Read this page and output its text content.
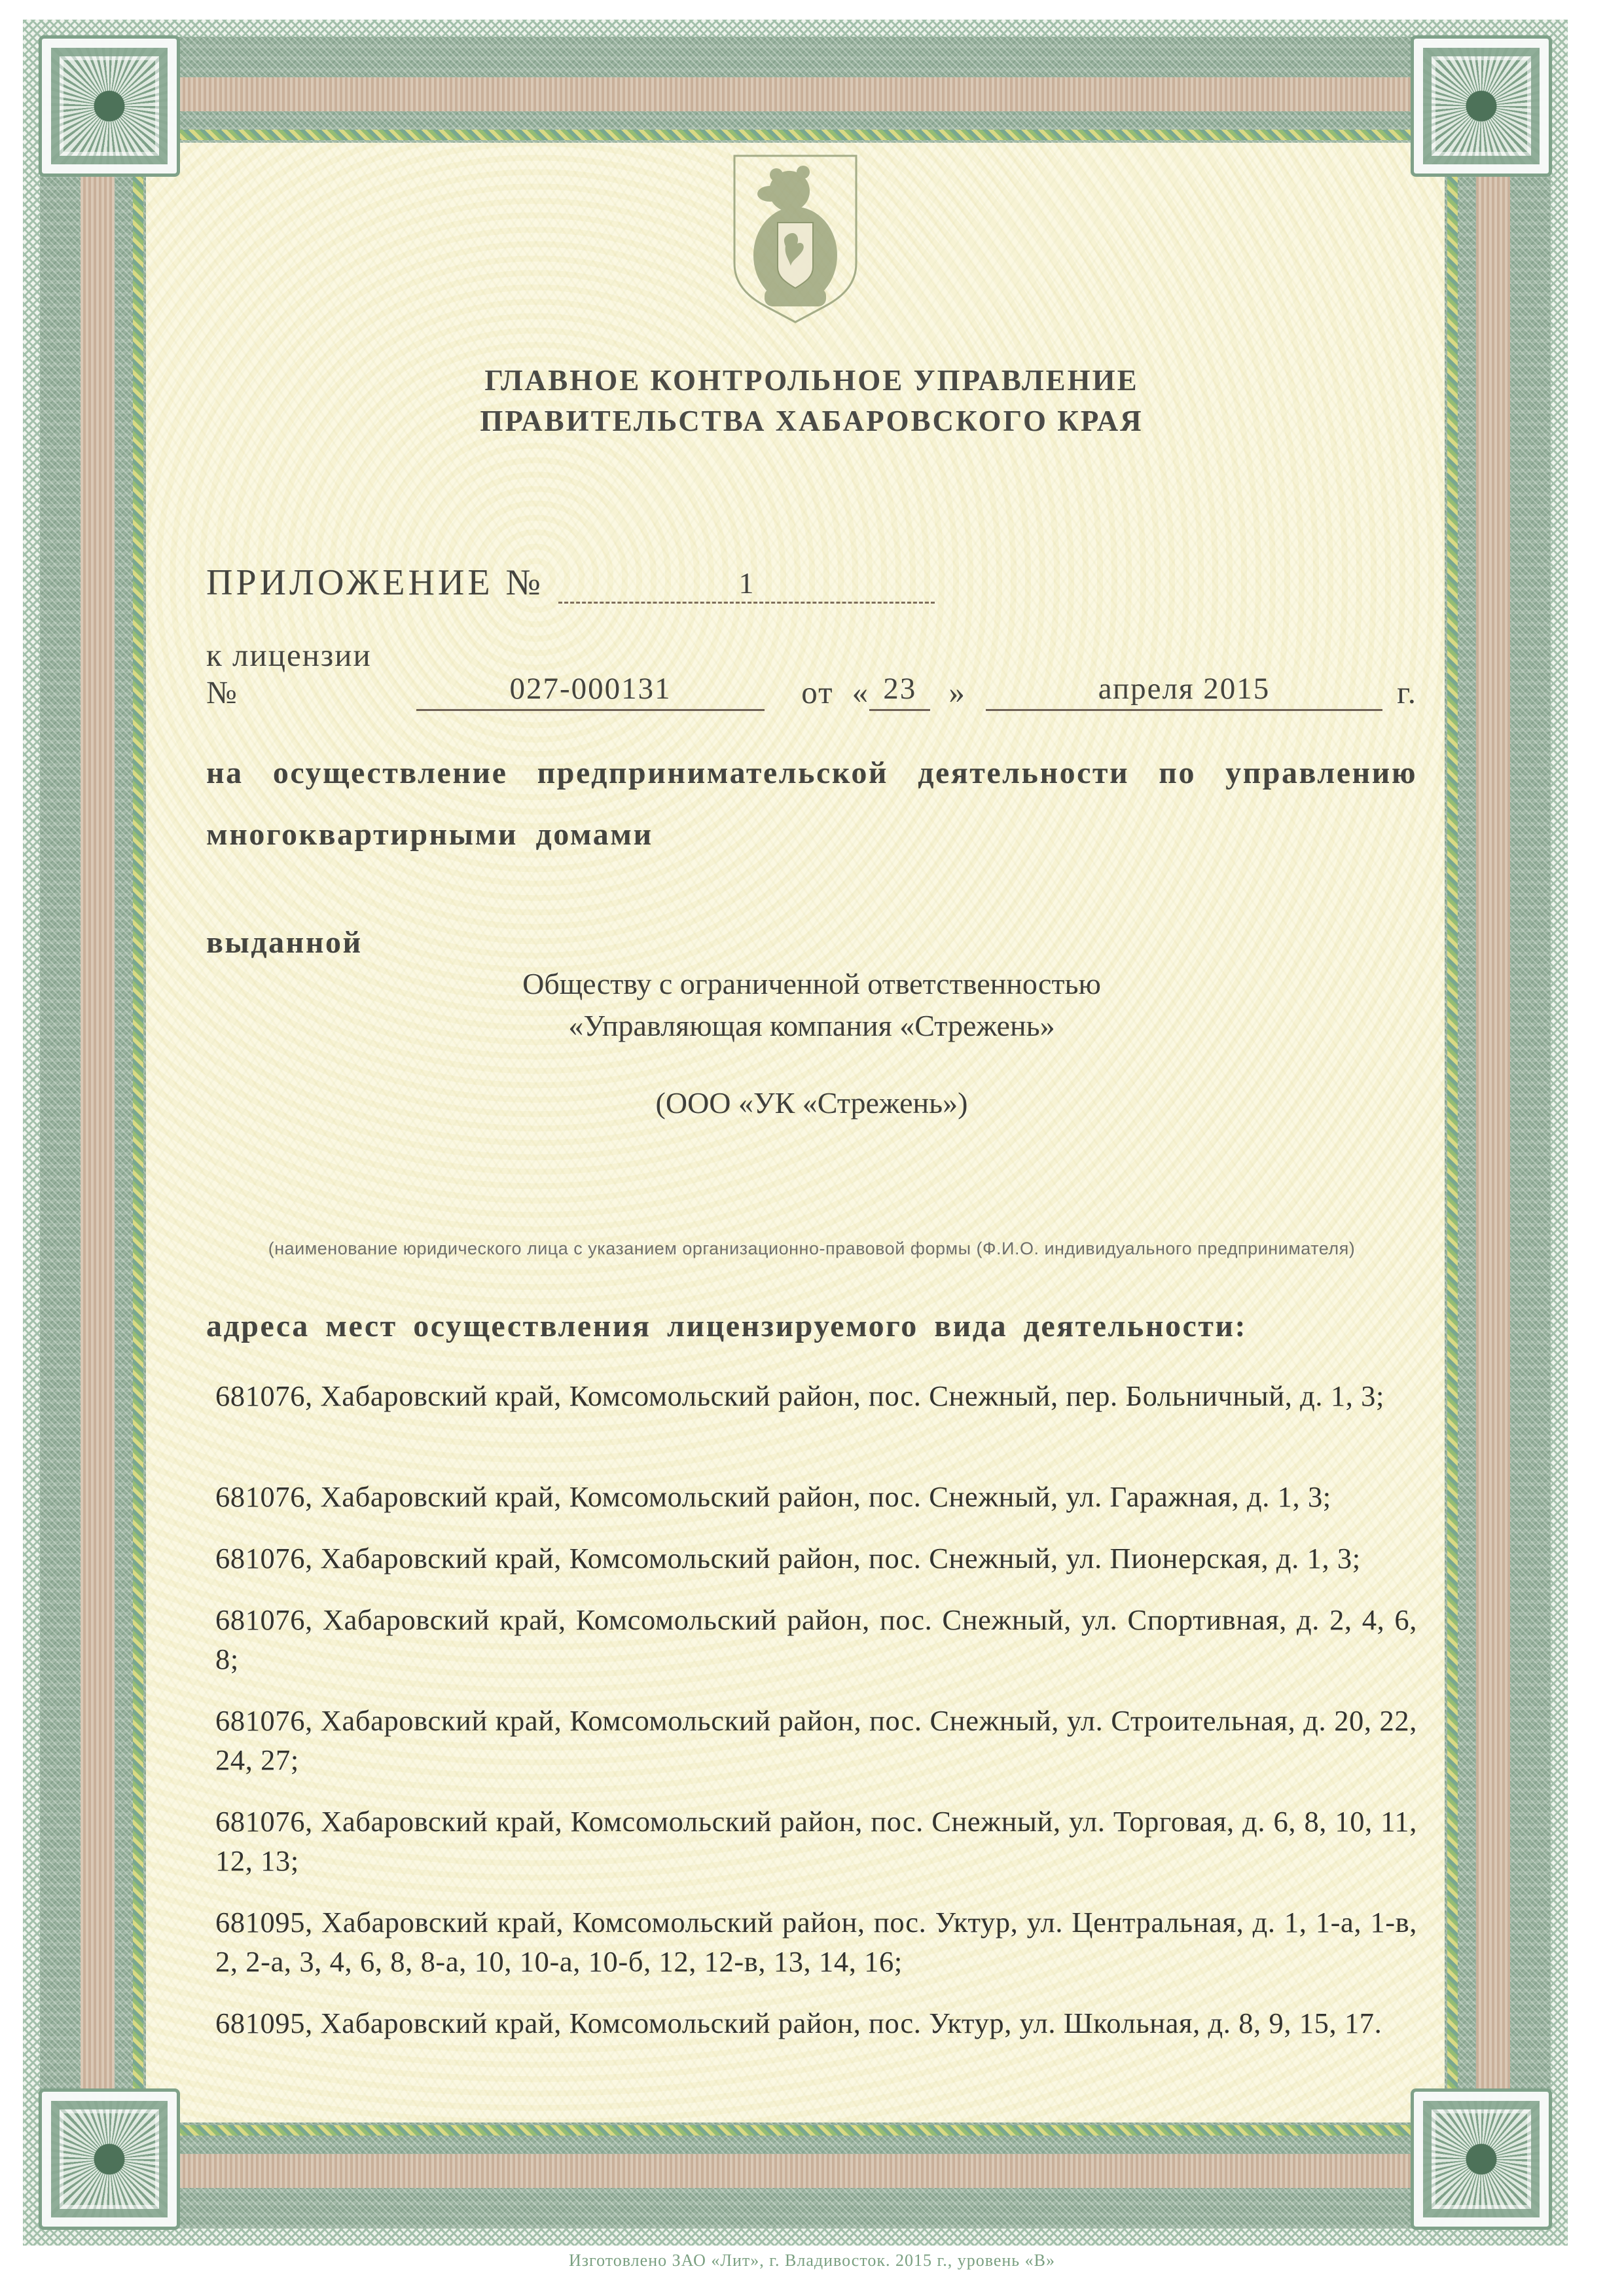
ГЛАВНОЕ КОНТРОЛЬНОЕ УПРАВЛЕНИЕ
ПРАВИТЕЛЬСТВА ХАБАРОВСКОГО КРАЯ
ПРИЛОЖЕНИЕ №	1
к лицензии №	027-000131	от « 23	»	апреля 2015	г.
на осуществление предпринимательской деятельности по управлению многоквартирными домами
выданной
Обществу с ограниченной ответственностью
«Управляющая компания «Стрежень»
(ООО «УК «Стрежень»)
(наименование юридического лица с указанием организационно-правовой формы (Ф.И.О. индивидуального предпринимателя)
адреса мест осуществления лицензируемого вида деятельности:

681076, Хабаровский край, Комсомольский район, пос. Снежный, пер. Больничный, д. 1, 3;

681076, Хабаровский край, Комсомольский район, пос. Снежный, ул. Гаражная, д. 1, 3;

681076, Хабаровский край, Комсомольский район, пос. Снежный, ул. Пионерская, д. 1, 3;

681076, Хабаровский край, Комсомольский район, пос. Снежный, ул. Спортивная, д. 2, 4, 6, 8;

681076, Хабаровский край, Комсомольский район, пос. Снежный, ул. Строительная, д. 20, 22, 24, 27;

681076, Хабаровский край, Комсомольский район, пос. Снежный, ул. Торговая, д. 6, 8, 10, 11, 12, 13;

681095, Хабаровский край, Комсомольский район, пос. Уктур, ул. Центральная, д. 1, 1-а, 1-в, 2, 2-а, 3, 4, 6, 8, 8-а, 10, 10-а, 10-б, 12, 12-в, 13, 14, 16;

681095, Хабаровский край, Комсомольский район, пос. Уктур, ул. Школьная, д. 8, 9, 15, 17.

Изготовлено ЗАО «Лит», г. Владивосток. 2015 г., уровень «В»
